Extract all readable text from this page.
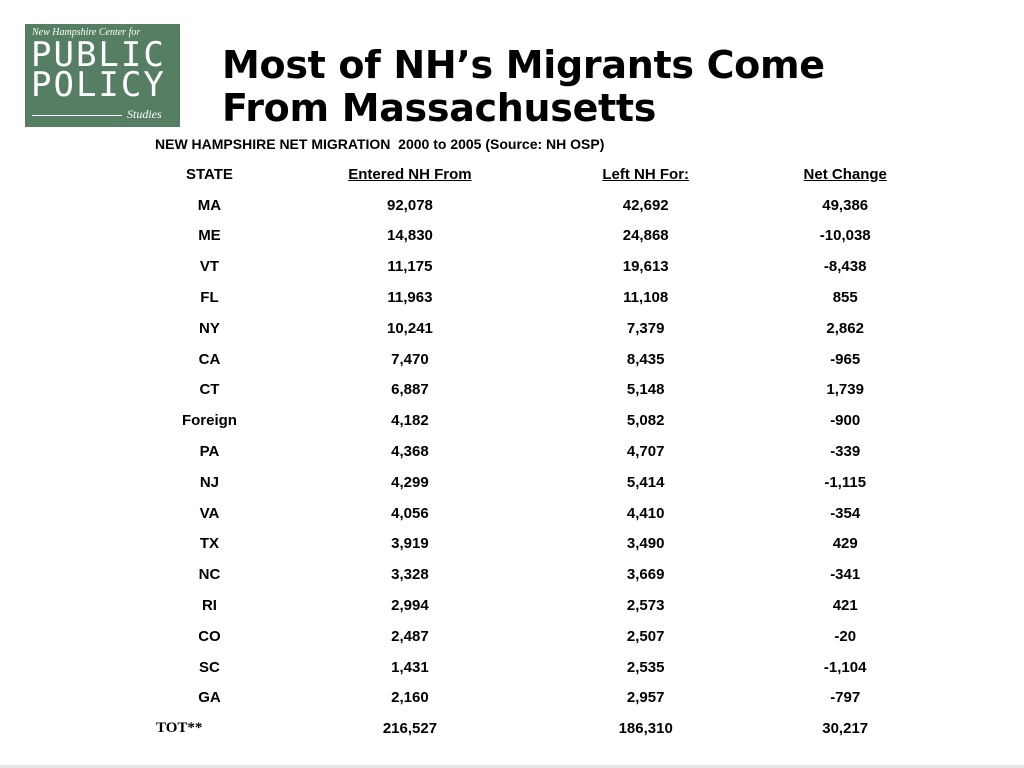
New Hampshire Center for
PUBLIC
POLICY
Studies
Most of NH’s Migrants Come
From Massachusetts
NEW HAMPSHIRE NET MIGRATION  2000 to 2005 (Source: NH OSP)
STATE	Entered NH From	Left NH For:	Net Change
MA	92,078	42,692	49,386
ME	14,830	24,868	-10,038
VT	11,175	19,613	-8,438
FL	11,963	11,108	855
NY	10,241	7,379	2,862
CA	7,470	8,435	-965
CT	6,887	5,148	1,739
Foreign	4,182	5,082	-900
PA	4,368	4,707	-339
NJ	4,299	5,414	-1,115
VA	4,056	4,410	-354
TX	3,919	3,490	429
NC	3,328	3,669	-341
RI	2,994	2,573	421
CO	2,487	2,507	-20
SC	1,431	2,535	-1,104
GA	2,160	2,957	-797
TOT**	216,527	186,310	30,217
